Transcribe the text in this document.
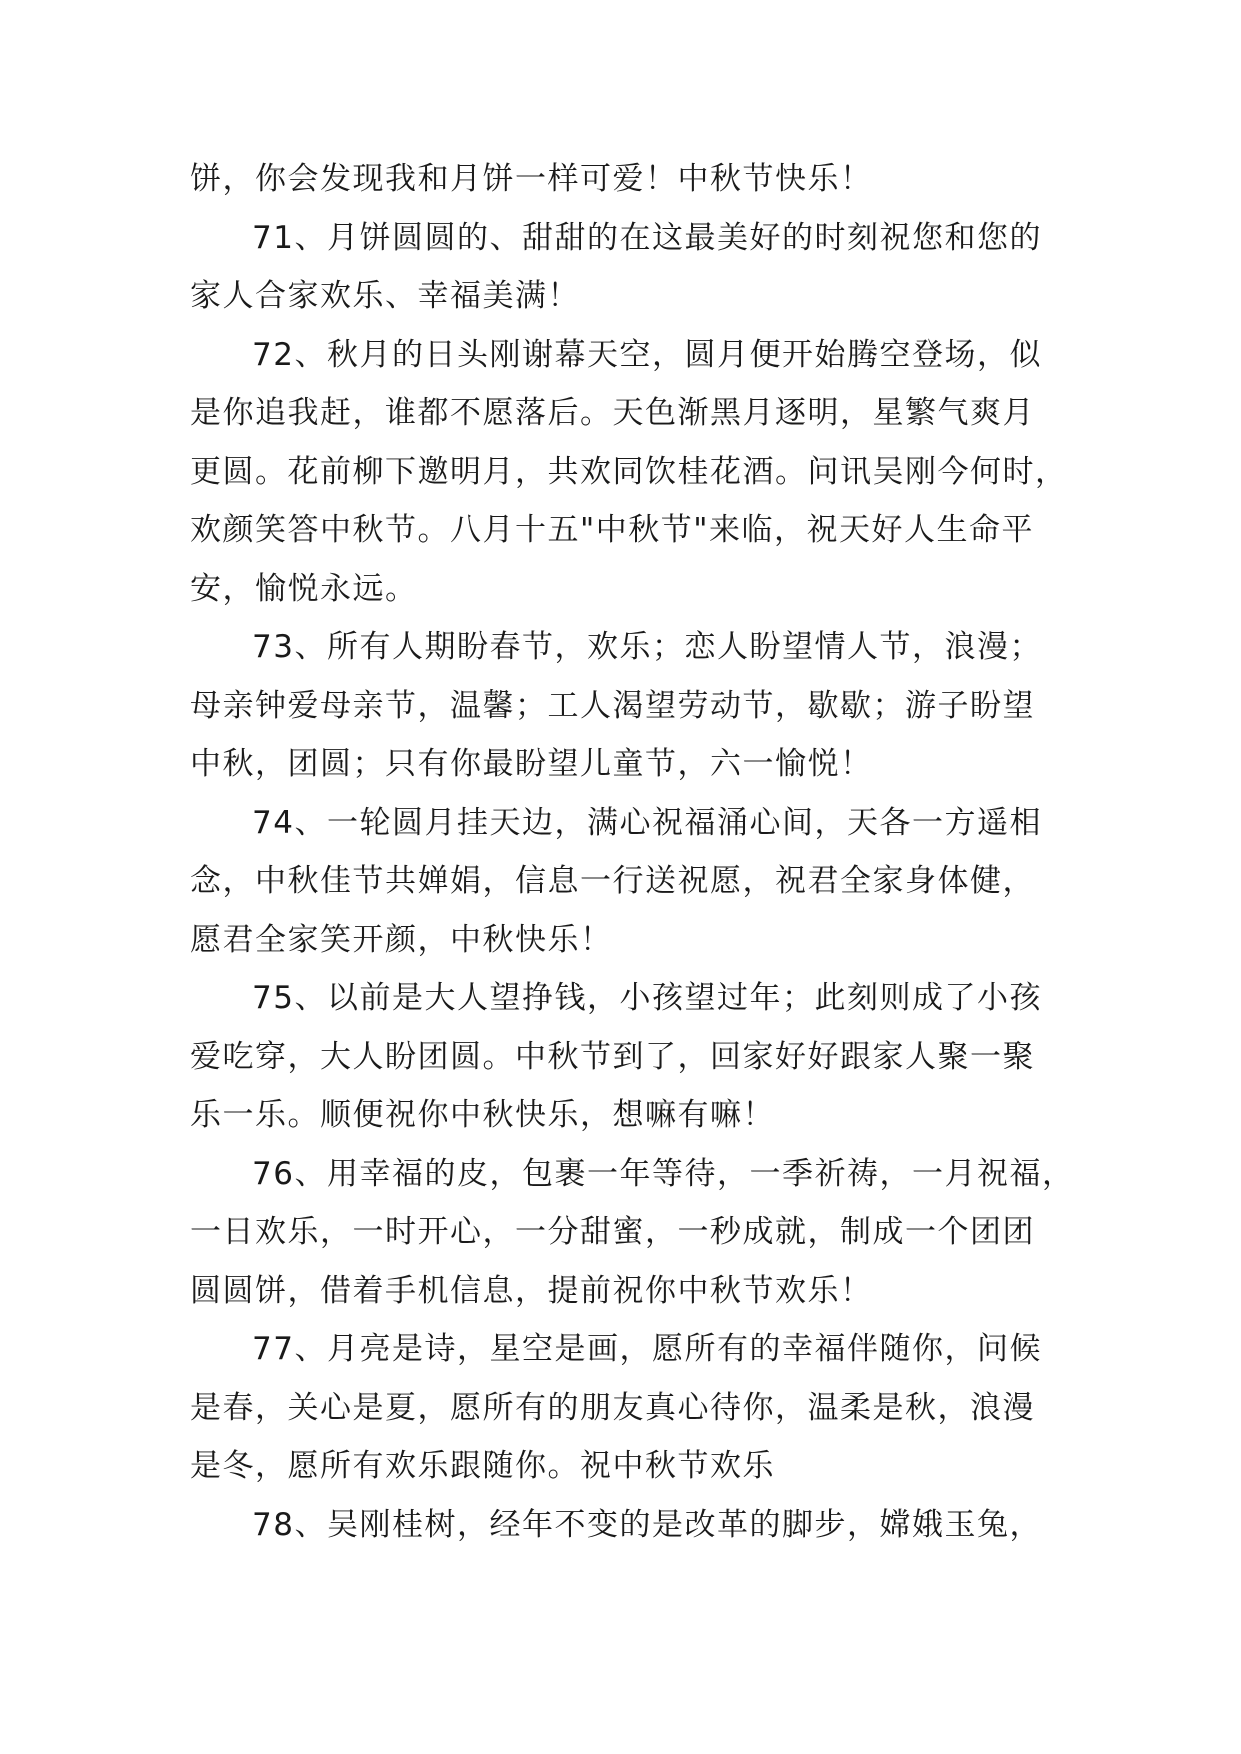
饼，你会发现我和月饼一样可爱！中秋节快乐！
71、月饼圆圆的、甜甜的在这最美好的时刻祝您和您的
家人合家欢乐、幸福美满！
72、秋月的日头刚谢幕天空，圆月便开始腾空登场，似
是你追我赶，谁都不愿落后。天色渐黑月逐明，星繁气爽月
更圆。花前柳下邀明月，共欢同饮桂花酒。问讯吴刚今何时，
欢颜笑答中秋节。八月十五"中秋节"来临，祝天好人生命平
安，愉悦永远。
73、所有人期盼春节，欢乐；恋人盼望情人节，浪漫；
母亲钟爱母亲节，温馨；工人渴望劳动节，歇歇；游子盼望
中秋，团圆；只有你最盼望儿童节，六一愉悦！
74、一轮圆月挂天边，满心祝福涌心间，天各一方遥相
念，中秋佳节共婵娟，信息一行送祝愿，祝君全家身体健，
愿君全家笑开颜，中秋快乐！
75、以前是大人望挣钱，小孩望过年；此刻则成了小孩
爱吃穿，大人盼团圆。中秋节到了，回家好好跟家人聚一聚
乐一乐。顺便祝你中秋快乐，想嘛有嘛！
76、用幸福的皮，包裹一年等待，一季祈祷，一月祝福，
一日欢乐，一时开心，一分甜蜜，一秒成就，制成一个团团
圆圆饼，借着手机信息，提前祝你中秋节欢乐！
77、月亮是诗，星空是画，愿所有的幸福伴随你，问候
是春，关心是夏，愿所有的朋友真心待你，温柔是秋，浪漫
是冬，愿所有欢乐跟随你。祝中秋节欢乐
78、吴刚桂树，经年不变的是改革的脚步，嫦娥玉兔，
